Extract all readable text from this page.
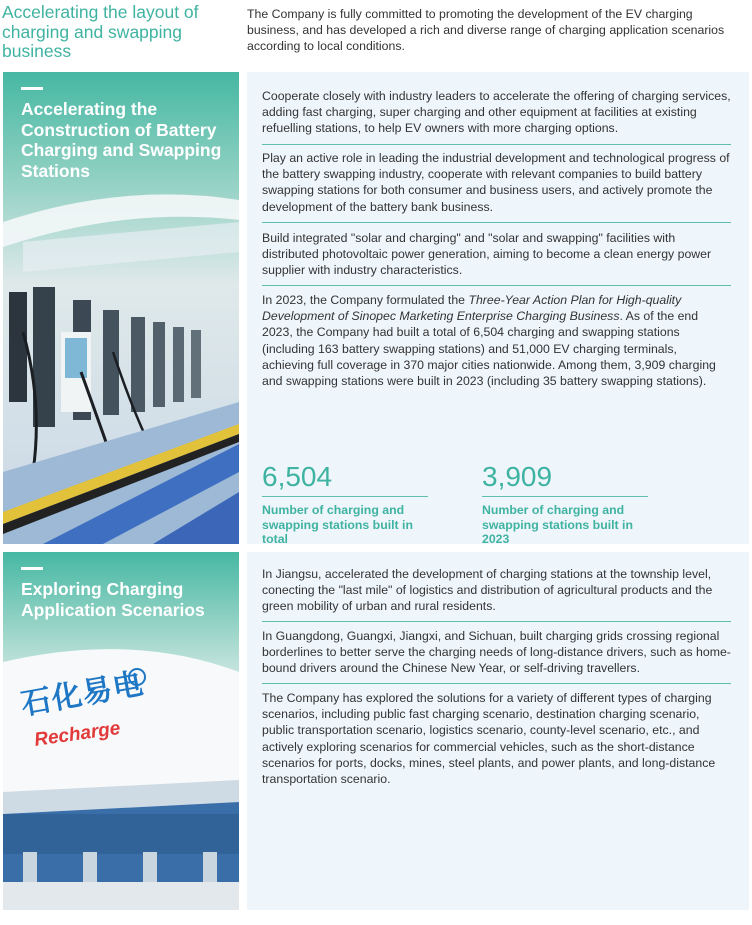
Accelerating the layout of charging and swapping business
The Company is fully committed to promoting the development of the EV charging business, and has developed a rich and diverse range of charging application scenarios according to local conditions.
Accelerating the Construction of Battery Charging and Swapping Stations
Cooperate closely with industry leaders to accelerate the offering of charging services, adding fast charging, super charging and other equipment at facilities at existing refuelling stations, to help EV owners with more charging options.
Play an active role in leading the industrial development and technological progress of the battery swapping industry, cooperate with relevant companies to build battery swapping stations for both consumer and business users, and actively promote the development of the battery bank business.
Build integrated "solar and charging" and "solar and swapping" facilities with distributed photovoltaic power generation, aiming to become a clean energy power supplier with industry characteristics.
In 2023, the Company formulated the Three-Year Action Plan for High-quality Development of Sinopec Marketing Enterprise Charging Business. As of the end 2023, the Company had built a total of 6,504 charging and swapping stations (including 163 battery swapping stations) and 51,000 EV charging terminals, achieving full coverage in 370 major cities nationwide. Among them, 3,909 charging and swapping stations were built in 2023 (including 35 battery swapping stations).
6,504
Number of charging and swapping stations built in total
3,909
Number of charging and swapping stations built in 2023
Exploring Charging Application Scenarios
石化易电
Recharge
In Jiangsu, accelerated the development of charging stations at the township level, conecting the "last mile" of logistics and distribution of agricultural products and the green mobility of urban and rural residents.
In Guangdong, Guangxi, Jiangxi, and Sichuan, built charging grids crossing regional borderlines to better serve the charging needs of long-distance drivers, such as home-bound drivers around the Chinese New Year, or self-driving travellers.
The Company has explored the solutions for a variety of different types of charging scenarios, including public fast charging scenario, destination charging scenario, public transportation scenario, logistics scenario, county-level scenario, etc., and actively exploring scenarios for commercial vehicles, such as the short-distance scenarios for ports, docks, mines, steel plants, and power plants, and long-distance transportation scenario.
